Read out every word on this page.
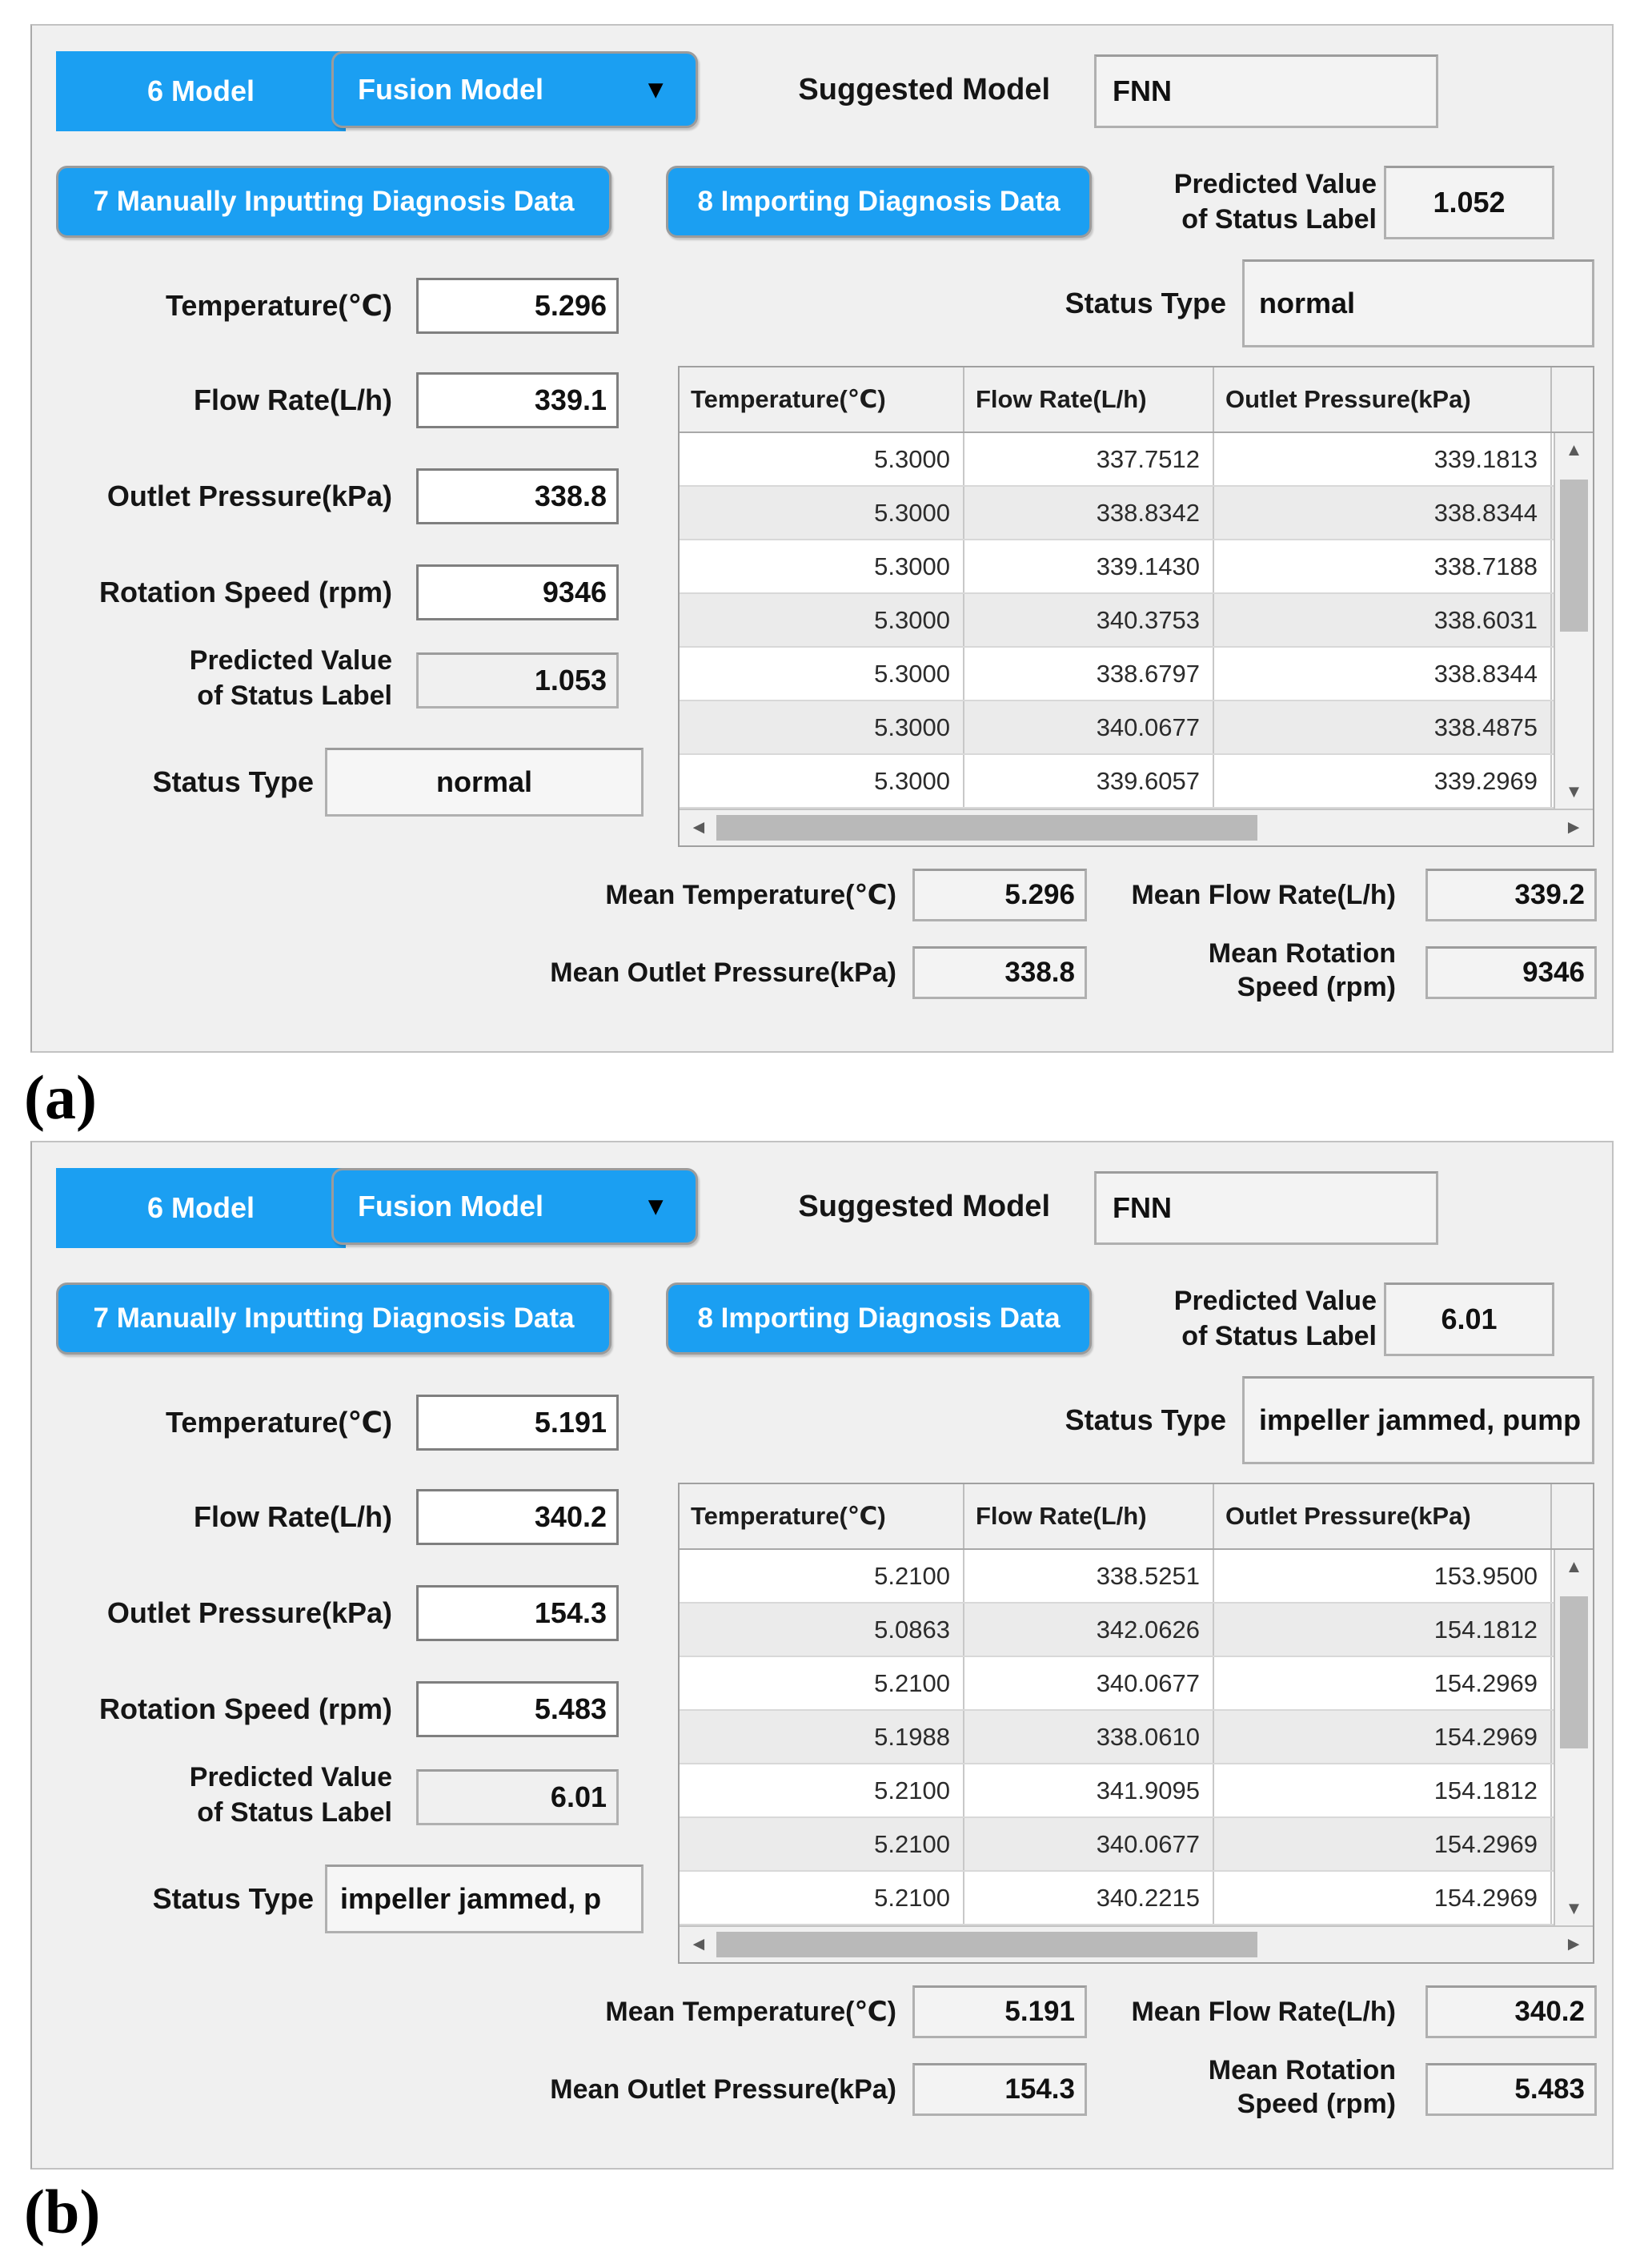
6 Model	Fusion Model	▼	Suggested Model	FNN
7 Manually Inputting Diagnosis Data	8 Importing Diagnosis Data
Predicted Value
of Status Label
1.052
Temperature(℃)	5.296
Flow Rate(L/h)	339.1
Outlet Pressure(kPa)	338.8
Rotation Speed (rpm)	9346
Predicted Value
of Status Label	1.053
Status Type	normal
Status Type	normal
Temperature(℃)	Flow Rate(L/h)	Outlet Pressure(kPa)
5.3000	337.7512	339.1813
5.3000	338.8342	338.8344
5.3000	339.1430	338.7188
5.3000	340.3753	338.6031
5.3000	338.6797	338.8344
5.3000	340.0677	338.4875
5.3000	339.6057	339.2969
▲
▼
◄	►
Mean Temperature(℃)	5.296	Mean Flow Rate(L/h)	339.2
Mean Outlet Pressure(kPa)	338.8
Mean Rotation
Speed (rpm)	9346
(a)
6 Model	Fusion Model	▼	Suggested Model	FNN
7 Manually Inputting Diagnosis Data	8 Importing Diagnosis Data
Predicted Value
of Status Label
6.01
Temperature(℃)	5.191
Flow Rate(L/h)	340.2
Outlet Pressure(kPa)	154.3
Rotation Speed (rpm)	5.483
Predicted Value
of Status Label	6.01
Status Type impeller jammed, p
Status Type	impeller jammed, pump
Temperature(℃)	Flow Rate(L/h)	Outlet Pressure(kPa)
5.2100	338.5251	153.9500
5.0863	342.0626	154.1812
5.2100	340.0677	154.2969
5.1988	338.0610	154.2969
5.2100	341.9095	154.1812
5.2100	340.0677	154.2969
5.2100	340.2215	154.2969
▲
▼
◄	►
Mean Temperature(℃)	5.191	Mean Flow Rate(L/h)	340.2
Mean Outlet Pressure(kPa)	154.3
Mean Rotation
Speed (rpm)	5.483
(b)
